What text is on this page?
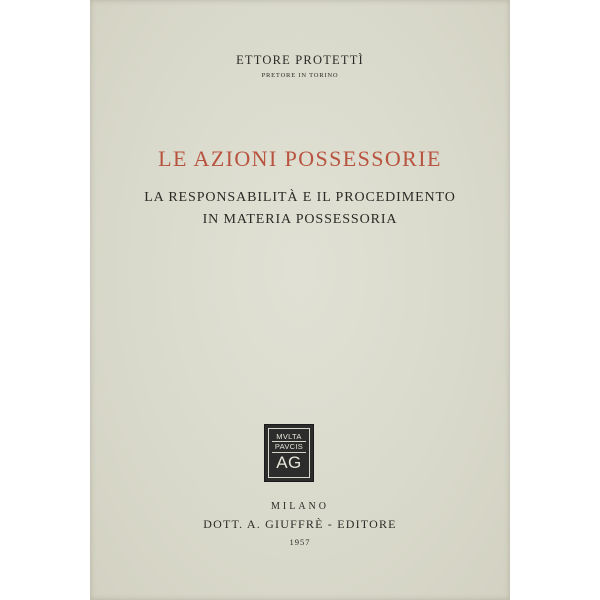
ETTORE PROTETTÌ
PRETORE IN TORINO
LE AZIONI POSSESSORIE
LA RESPONSABILITÀ E IL PROCEDIMENTO
IN MATERIA POSSESSORIA
MVLTA
PAVCIS
AG
MILANO
DOTT. A. GIUFFRÈ - EDITORE
1957
